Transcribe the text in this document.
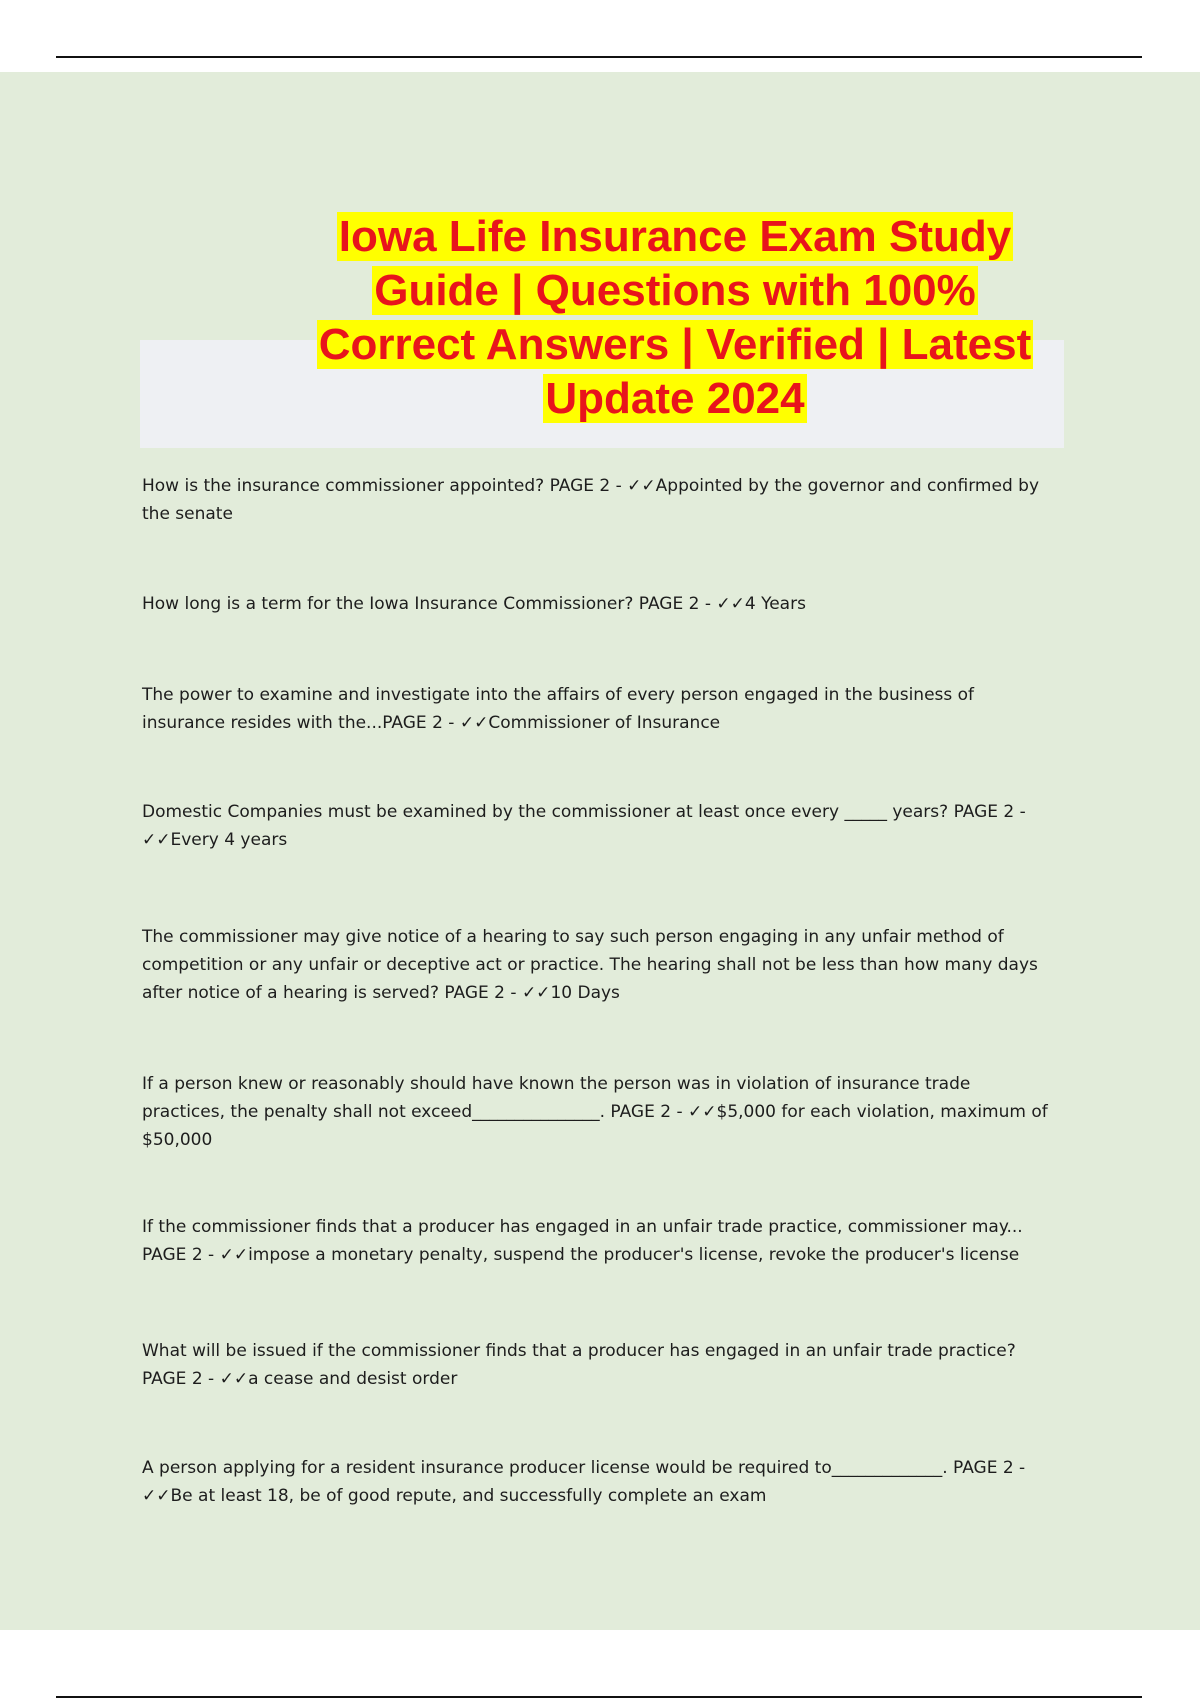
Iowa Life Insurance Exam Study Guide | Questions with 100% Correct Answers | Verified | Latest Update 2024
How is the insurance commissioner appointed? PAGE 2 - ✓✓Appointed by the governor and confirmed by the senate
How long is a term for the Iowa Insurance Commissioner? PAGE 2 - ✓✓4 Years
The power to examine and investigate into the affairs of every person engaged in the business of insurance resides with the...PAGE 2 - ✓✓Commissioner of Insurance
Domestic Companies must be examined by the commissioner at least once every _____ years? PAGE 2 - ✓✓Every 4 years
The commissioner may give notice of a hearing to say such person engaging in any unfair method of competition or any unfair or deceptive act or practice. The hearing shall not be less than how many days after notice of a hearing is served? PAGE 2 - ✓✓10 Days
If a person knew or reasonably should have known the person was in violation of insurance trade practices, the penalty shall not exceed_______________. PAGE 2 - ✓✓$5,000 for each violation, maximum of $50,000
If the commissioner finds that a producer has engaged in an unfair trade practice, commissioner may... PAGE 2 - ✓✓impose a monetary penalty, suspend the producer's license, revoke the producer's license
What will be issued if the commissioner finds that a producer has engaged in an unfair trade practice? PAGE 2 - ✓✓a cease and desist order
A person applying for a resident insurance producer license would be required to_____________. PAGE 2 - ✓✓Be at least 18, be of good repute, and successfully complete an exam
